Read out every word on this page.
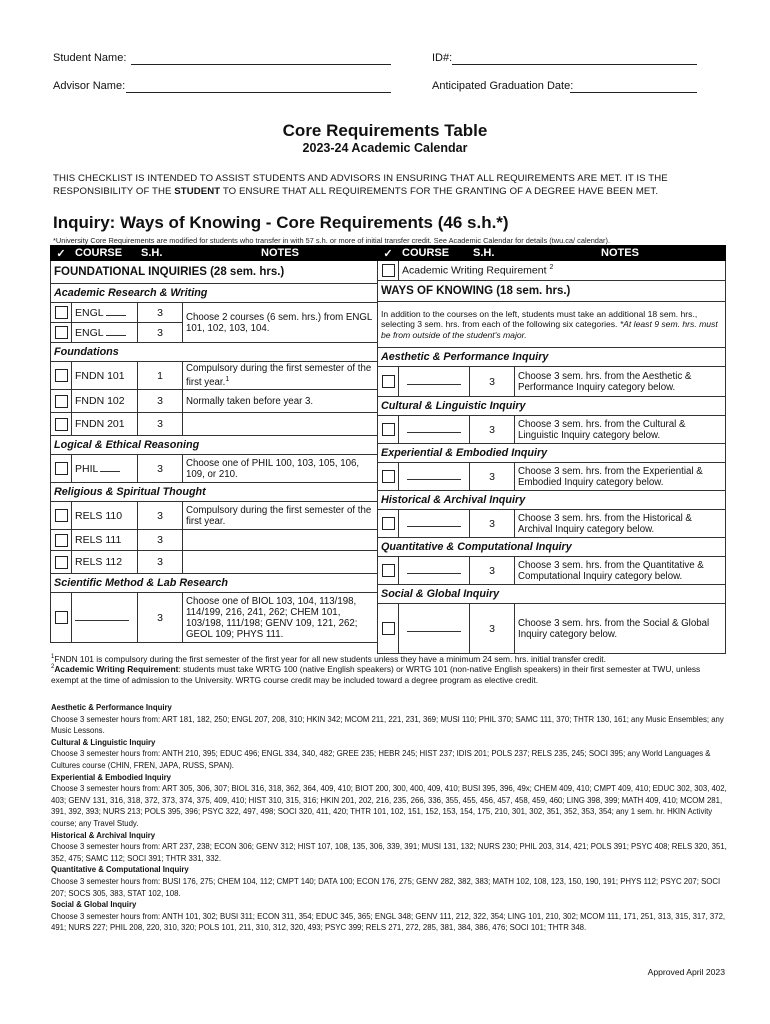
Student Name:	ID#:
Advisor Name:	Anticipated Graduation Date:
Core Requirements Table
2023-24 Academic Calendar
THIS CHECKLIST IS INTENDED TO ASSIST STUDENTS AND ADVISORS IN ENSURING THAT ALL REQUIREMENTS ARE MET. IT IS THE RESPONSIBILITY OF THE STUDENT TO ENSURE THAT ALL REQUIREMENTS FOR THE GRANTING OF A DEGREE HAVE BEEN MET.
Inquiry: Ways of Knowing - Core Requirements (46 s.h.*)
*University Core Requirements are modified for students who transfer in with 57 s.h. or more of initial transfer credit. See Academic Calendar for details (twu.ca/ calendar).
✓	COURSE	S.H.	NOTES
FOUNDATIONAL INQUIRIES (28 sem. hrs.)			
Academic Research & Writing			
	ENGL	3	Choose 2 courses (6 sem. hrs.) from ENGL 101, 102, 103, 104.
	ENGL	3	
Foundations			
	FNDN 101	1	Compulsory during the first semester of the first year.$^1$
	FNDN 102	3	Normally taken before year 3.
	FNDN 201	3	
Logical & Ethical Reasoning			
	PHIL	3	Choose one of PHIL 100, 103, 105, 106, 109, or 210.
Religious & Spiritual Thought			
	RELS 110	3	Compulsory during the first semester of the first year.
	RELS 111	3	
	RELS 112	3	
Scientific Method & Lab Research			
		3	Choose one of BIOL 103, 104, 113/198, 114/199, 216, 241, 262; CHEM 101, 103/198, 111/198; GENV 109, 121, 262; GEOL 109; PHYS 111.
✓	COURSE	S.H.	NOTES
	Academic Writing Requirement $^2$
WAYS OF KNOWING (18 sem. hrs.)			
In addition to the courses on the left, students must take an additional 18 sem. hrs., selecting 3 sem. hrs. from each of the following six categories. *At least 9 sem. hrs. must be from outside of the student's major.			
Aesthetic & Performance Inquiry			
		3	Choose 3 sem. hrs. from the Aesthetic & Performance Inquiry category below.
Cultural & Linguistic Inquiry			
		3	Choose 3 sem. hrs. from the Cultural & Linguistic Inquiry category below.
Experiential & Embodied Inquiry			
		3	Choose 3 sem. hrs. from the Experiential & Embodied Inquiry category below.
Historical & Archival Inquiry			
		3	Choose 3 sem. hrs. from the Historical & Archival Inquiry category below.
Quantitative & Computational Inquiry			
		3	Choose 3 sem. hrs. from the Quantitative & Computational Inquiry category below.
Social & Global Inquiry			
		3	Choose 3 sem. hrs. from the Social & Global Inquiry category below.
$^1$FNDN 101 is compulsory during the first semester of the first year for all new students unless they have a minimum 24 sem. hrs. initial transfer credit.
$^2$Academic Writing Requirement: students must take WRTG 100 (native English speakers) or WRTG 101 (non-native English speakers) in their first semester at TWU, unless exempt at the time of admission to the University. WRTG course credit may be included toward a degree program as elective credit.
Aesthetic & Performance Inquiry
Choose 3 semester hours from: ART 181, 182, 250; ENGL 207, 208, 310; HKIN 342; MCOM 211, 221, 231, 369; MUSI 110; PHIL 370; SAMC 111, 370; THTR 130, 161; any Music Ensembles; any Music Lessons.
Cultural & Linguistic Inquiry
Choose 3 semester hours from: ANTH 210, 395; EDUC 496; ENGL 334, 340, 482; GREE 235; HEBR 245; HIST 237; IDIS 201; POLS 237; RELS 235, 245; SOCI 395; any World Languages & Cultures course (CHIN, FREN, JAPA, RUSS, SPAN).
Experiential & Embodied Inquiry
Choose 3 semester hours from: ART 305, 306, 307; BIOL 316, 318, 362, 364, 409, 410; BIOT 200, 300, 400, 409, 410; BUSI 395, 396, 49x; CHEM 409, 410; CMPT 409, 410; EDUC 302, 303, 402, 403; GENV 131, 316, 318, 372, 373, 374, 375, 409, 410; HIST 310, 315, 316; HKIN 201, 202, 216, 235, 266, 336, 355, 455, 456, 457, 458, 459, 460; LING 398, 399; MATH 409, 410; MCOM 281, 391, 392, 393; NURS 213; POLS 395, 396; PSYC 322, 497, 498; SOCI 320, 411, 420; THTR 101, 102, 151, 152, 153, 154, 175, 210, 301, 302, 351, 352, 353, 354; any 1 sem. hr. HKIN Activity course; any Travel Study.
Historical & Archival Inquiry
Choose 3 semester hours from: ART 237, 238; ECON 306; GENV 312; HIST 107, 108, 135, 306, 339, 391; MUSI 131, 132; NURS 230; PHIL 203, 314, 421; POLS 391; PSYC 408; RELS 320, 351, 352, 475; SAMC 112; SOCI 391; THTR 331, 332.
Quantitative & Computational Inquiry
Choose 3 semester hours from: BUSI 176, 275; CHEM 104, 112; CMPT 140; DATA 100; ECON 176, 275; GENV 282, 382, 383; MATH 102, 108, 123, 150, 190, 191; PHYS 112; PSYC 207; SOCI 207; SOCS 305, 383, STAT 102, 108.
Social & Global Inquiry
Choose 3 semester hours from: ANTH 101, 302; BUSI 311; ECON 311, 354; EDUC 345, 365; ENGL 348; GENV 111, 212, 322, 354; LING 101, 210, 302; MCOM 111, 171, 251, 313, 315, 317, 372, 491; NURS 227; PHIL 208, 220, 310, 320; POLS 101, 211, 310, 312, 320, 493; PSYC 399; RELS 271, 272, 285, 381, 384, 386, 476; SOCI 101; THTR 348.
Approved April 2023
